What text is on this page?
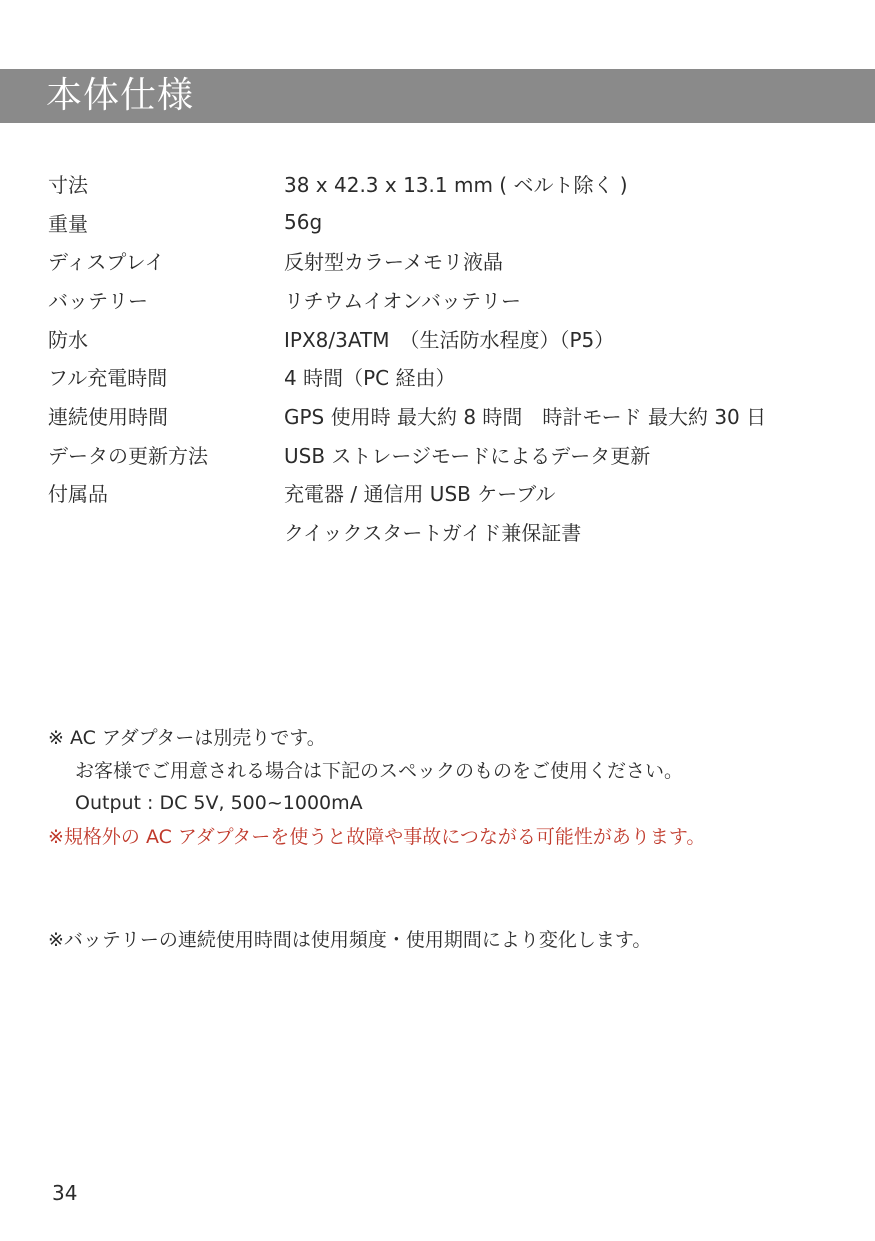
本体仕様
寸法	38 x 42.3 x 13.1 mm ( ベルト除く )
重量	56g
ディスプレイ	反射型カラーメモリ液晶
バッテリー	リチウムイオンバッテリー
防水	IPX8/3ATM　（生活防水程度）（P5）
フル充電時間	4 時間（PC 経由）
連続使用時間	GPS 使用時 最大約 8 時間　時計モード 最大約 30 日
データの更新方法	USB ストレージモードによるデータ更新
付属品	充電器 / 通信用 USB ケーブル
クイックスタートガイド兼保証書
※ AC アダプターは別売りです。
お客様でご用意される場合は下記のスペックのものをご使用ください。
Output : DC 5V, 500~1000mA
※規格外の AC アダプターを使うと故障や事故につながる可能性があります。
※バッテリーの連続使用時間は使用頻度・使用期間により変化します。
34
